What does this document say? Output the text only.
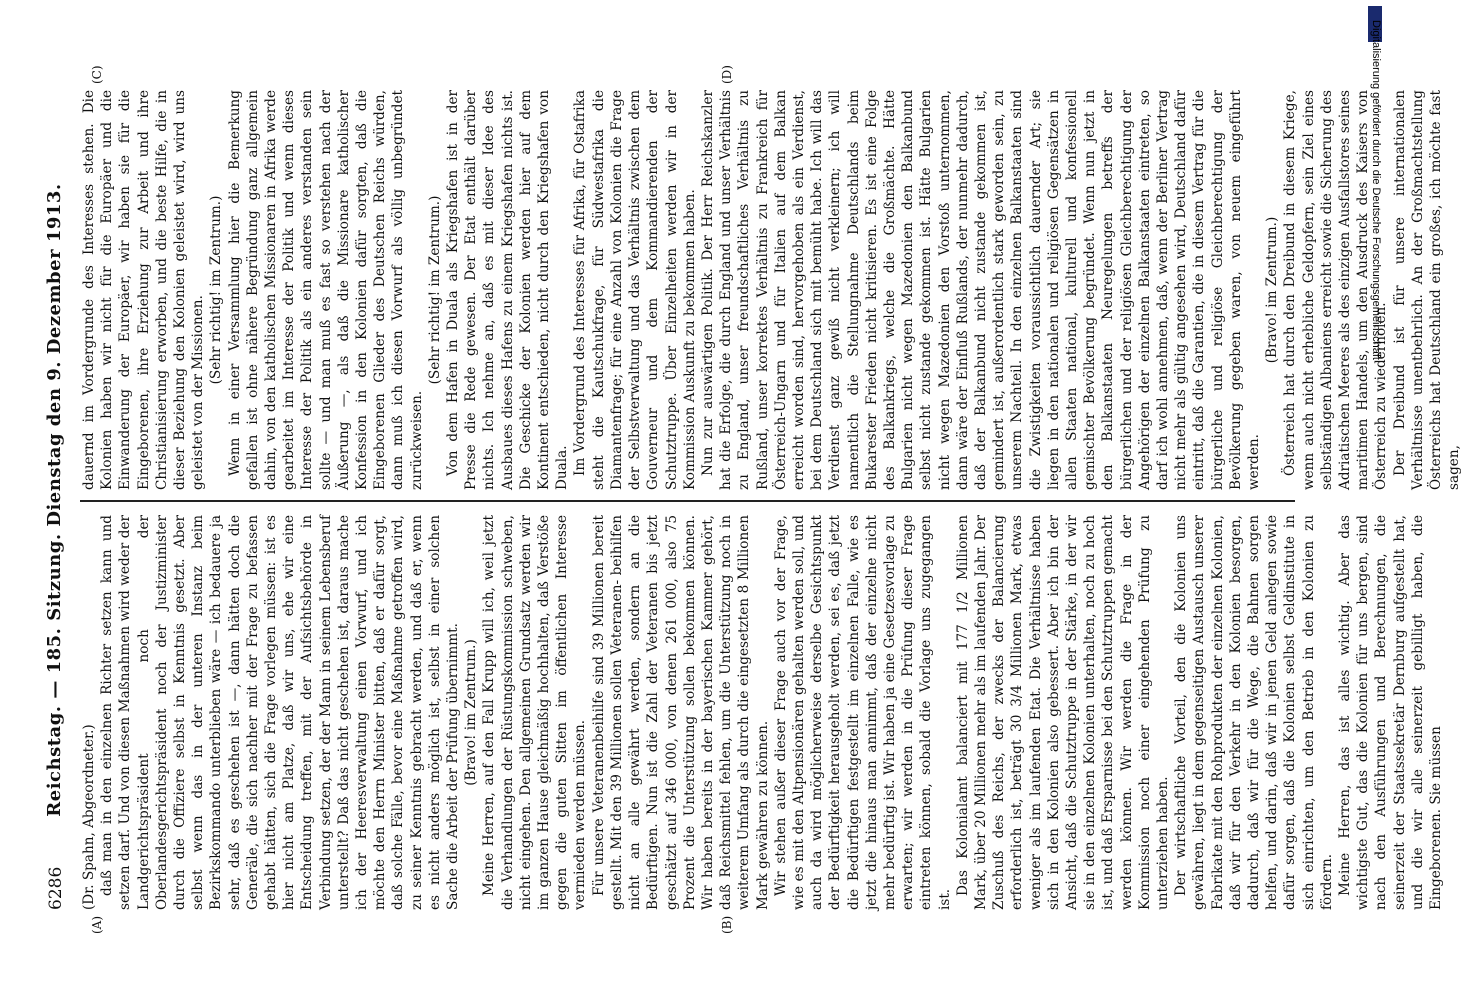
6286
Reichstag. — 185. Sitzung. Dienstag den 9. Dezember 1913.
(A)	(B)
(C)	(D)

(Dr. Spahn, Abgeordneter.) daß man in den einzelnen Richter setzen kann und setzen darf. Und von diesen Maßnahmen wird weder der Landgerichtspräsident noch der Oberlandesgerichtspräsident noch der Justizminister durch die Offiziere selbst in Kenntnis gesetzt. Aber selbst wenn das in der unteren Instanz beim Bezirkskommando unterblieben wäre — ich bedauere ja sehr, daß es geschehen ist —, dann hätten doch die Generäle, die sich nachher mit der Frage zu befassen gehabt hätten, sich die Frage vorlegen müssen: ist es hier nicht am Platze, daß wir uns, ehe wir eine Entscheidung treffen, mit der Aufsichtsbehörde in Verbindung setzen, der der Mann in seinem Lebensberuf unterstellt? Daß das nicht geschehen ist, daraus mache ich der Heeresverwaltung einen Vorwurf, und ich möchte den Herrn Minister bitten, daß er dafür sorgt, daß solche Fälle, bevor eine Maßnahme getroffen wird, zu seiner Kenntnis gebracht werden, und daß er, wenn es nicht anders möglich ist, selbst in einer solchen Sache die Arbeit der Prüfung übernimmt. (Bravo! im Zentrum.) Meine Herren, auf den Fall Krupp will ich, weil jetzt die Verhandlungen der Rüstungskommission schweben, nicht eingehen. Den allgemeinen Grundsatz werden wir im ganzen Hause gleichmäßig hochhalten, daß Verstöße gegen die guten Sitten im öffentlichen Interesse vermieden werden müssen. Für unsere Veteranenbeihilfe sind 39 Millionen bereit gestellt. Mit den 39 Millionen sollen Veteranen- beihilfen nicht an alle gewährt werden, sondern an die Bedürftigen. Nun ist die Zahl der Veteranen bis jetzt geschätzt auf 346 000, von denen 261 000, also 75 Prozent die Unterstützung sollen bekommen können. Wir haben bereits in der bayerischen Kammer gehört, daß Reichsmittel fehlen, um die Unterstützung noch in weiterem Umfang als durch die eingesetzten 8 Millionen Mark gewähren zu können. Wir stehen außer dieser Frage auch vor der Frage, wie es mit den Altpensionären gehalten werden soll, und auch da wird möglicherweise derselbe Gesichtspunkt der Bedürftigkeit herausgeholt werden, sei es, daß jetzt die Bedürftigen festgestellt im einzelnen Falle, wie es jetzt die hinaus man annimmt, daß der einzelne nicht mehr bedürftig ist. Wir haben ja eine Gesetzesvorlage zu erwarten; wir werden in die Prüfung dieser Frage eintreten können, sobald die Vorlage uns zugegangen ist.

Das Kolonialamt balanciert mit 177 1/2 Millionen Mark, über 20 Millionen mehr als im laufenden Jahr. Der Zuschuß des Reichs, der zwecks der Balancierung erforderlich ist, beträgt 30 3/4 Millionen Mark, etwas weniger als im laufenden Etat. Die Verhältnisse haben sich in den Kolonien also gebessert. Aber ich bin der Ansicht, daß die Schutztruppe in der Stärke, in der wir sie in den einzelnen Kolonien unterhalten, noch zu hoch ist, und daß Ersparnisse bei den Schutztruppen gemacht werden können. Wir werden die Frage in der Kommission noch einer eingehenden Prüfung zu unterziehen haben. Der wirtschaftliche Vorteil, den die Kolonien uns gewähren, liegt in dem gegenseitigen Austausch unserer Fabrikate mit den Rohprodukten der einzelnen Kolonien, daß wir für den Verkehr in den Kolonien besorgen, dadurch, daß wir für die Wege, die Bahnen sorgen helfen, und darin, daß wir in jenen Geld anlegen sowie dafür sorgen, daß die Kolonien selbst Geldinstitute in sich einrichten, um den Betrieb in den Kolonien zu fördern. Meine Herren, das ist alles wichtig. Aber das wichtigste Gut, das die Kolonien für uns bergen, sind nach den Ausführungen und Berechnungen, die seinerzeit der Staatssekretär Dernburg aufgestellt hat, und die wir alle seinerzeit gebilligt haben, die Eingeborenen. Sie müssen

dauernd im Vordergrunde des Interesses stehen. Die Kolonien haben wir nicht für die Europäer und die Einwanderung der Europäer, wir haben sie für die Eingeborenen, ihre Erziehung zur Arbeit und ihre Christianisierung erworben, und die beste Hilfe, die in dieser Beziehung den Kolonien geleistet wird, wird uns geleistet von der Missionen.

(Sehr richtig! im Zentrum.) Wenn in einer Versammlung hier die Bemerkung gefallen ist ohne nähere Begründung ganz allgemein dahin, von den katholischen Missionaren in Afrika werde gearbeitet im Interesse der Politik und wenn dieses Interesse der Politik als ein anderes verstanden sein sollte — und man muß es fast so verstehen nach der Äußerung —, als daß die Missionare katholischer Konfession in den Kolonien dafür sorgten, daß die Eingeborenen Glieder des Deutschen Reichs würden, dann muß ich diesen Vorwurf als völlig unbegründet zurückweisen.

(Sehr richtig! im Zentrum.) Von dem Hafen in Duala als Kriegshafen ist in der Presse die Rede gewesen. Der Etat enthält darüber nichts. Ich nehme an, daß es mit dieser Idee des Ausbaues dieses Hafens zu einem Kriegshafen nichts ist. Die Geschicke der Kolonien werden hier auf dem Kontinent entschieden, nicht durch den Kriegshafen von Duala. Im Vordergrund des Interesses für Afrika, für Ostafrika steht die Kautschukfrage, für Südwestafrika die Diamantenfrage; für eine Anzahl von Kolonien die Frage der Selbstverwaltung und das Verhältnis zwischen dem Gouverneur und dem Kommandierenden der Schutztruppe. Über Einzelheiten werden wir in der Kommission Auskunft zu bekommen haben. Nun zur auswärtigen Politik. Der Herr Reichskanzler hat die Erfolge, die durch England und unser Verhältnis zu England, unser freundschaftliches Verhältnis zu Rußland, unser korrektes Verhältnis zu Frankreich für Österreich-Ungarn und für Italien auf dem Balkan erreicht worden sind, hervorgehoben als ein Verdienst, bei dem Deutschland sich mit bemüht habe. Ich will das Verdienst ganz gewiß nicht verkleinern; ich will namentlich die Stellungnahme Deutschlands beim Bukarester Frieden nicht kritisieren. Es ist eine Folge des Balkankriegs, welche die Großmächte. Hätte Bulgarien nicht wegen Mazedonien den Balkanbund selbst nicht zustande gekommen ist. Hätte Bulgarien nicht wegen Mazedonien den Vorstoß unternommen, dann wäre der Einfluß Rußlands, der nunmehr dadurch, daß der Balkanbund nicht zustande gekommen ist, gemindert ist, außerordentlich stark geworden sein, zu unserem Nachteil. In den einzelnen Balkanstaaten sind die Zwistigkeiten voraussichtlich dauernder Art; sie liegen in den nationalen und religiösen Gegensätzen in allen Staaten national, kulturell und konfessionell gemischter Bevölkerung begründet. Wenn nun jetzt in den Balkanstaaten Neuregelungen betreffs der bürgerlichen und der religiösen Gleichberechtigung der Angehörigen der einzelnen Balkanstaaten eintreten, so darf ich wohl annehmen, daß, wenn der Berliner Vertrag nicht mehr als gültig angesehen wird, Deutschland dafür eintritt, daß die Garantien, die in diesem Vertrag für die bürgerliche und religiöse Gleichberechtigung der Bevölkerung gegeben waren, von neuem eingeführt werden.

(Bravo! im Zentrum.) Österreich hat durch den Dreibund in diesem Kriege, wenn auch nicht erhebliche Geldopfern, sein Ziel eines selbständigen Albaniens erreicht sowie die Sicherung des Adriatischen Meeres als des einzigen Ausfallstores seines maritimen Handels, um den Ausdruck des Kaisers von Österreich zu wiederholen. Der Dreibund ist für unsere internationalen Verhältnisse unentbehrlich. An der Großmachtstellung Österreichs hat Deutschland ein großes, ich möchte fast sagen,

Digitalisierung gefördert durch die Deutsche Forschungsgemeinschaft
